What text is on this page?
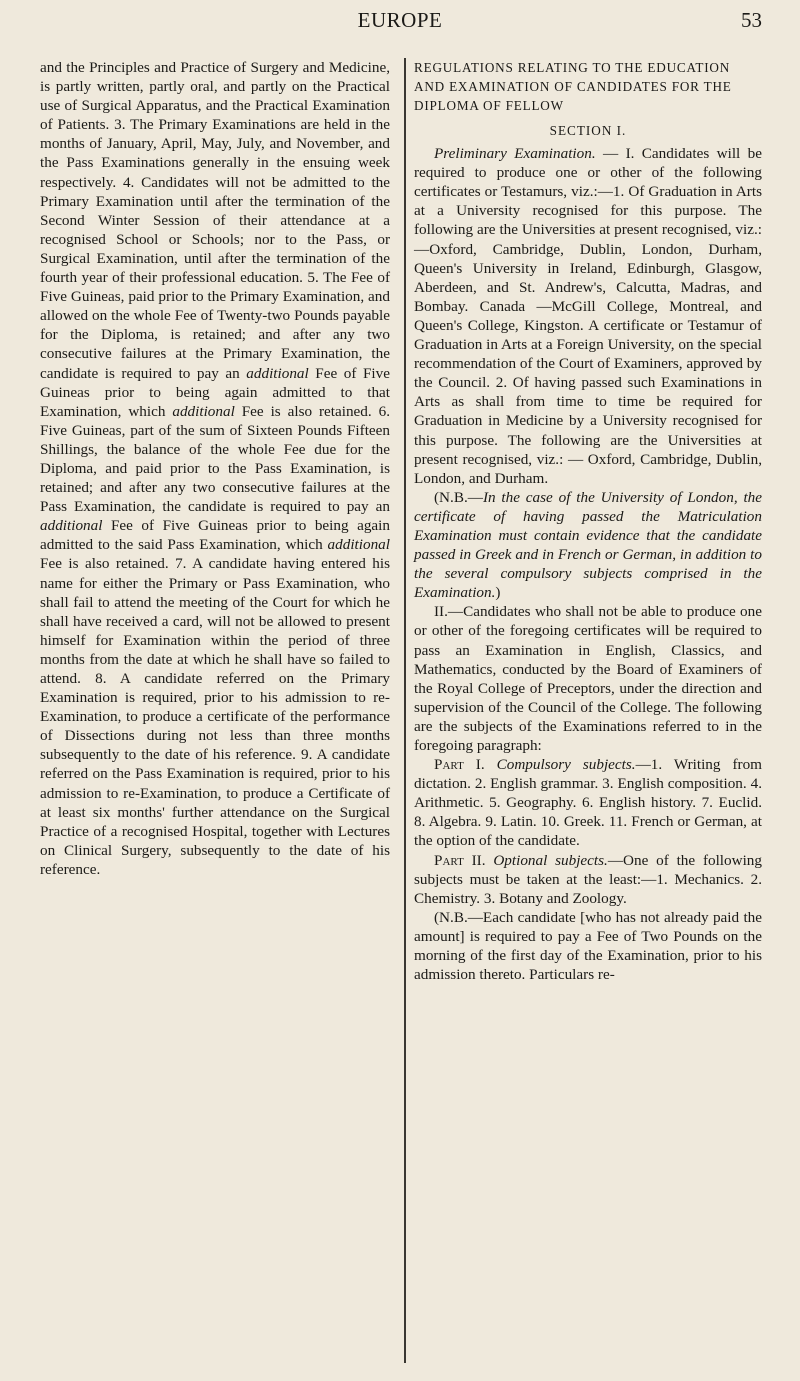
EUROPE	53

and the Principles and Practice of Surgery and Medicine, is partly written, partly oral, and partly on the Practical use of Surgical Apparatus, and the Practical Examination of Patients. 3. The Primary Examinations are held in the months of January, April, May, July, and November, and the Pass Examinations generally in the ensuing week respectively. 4. Candidates will not be admitted to the Primary Examination until after the termination of the Second Winter Session of their attendance at a recognised School or Schools; nor to the Pass, or Surgical Examination, until after the termination of the fourth year of their professional education. 5. The Fee of Five Guineas, paid prior to the Primary Examination, and allowed on the whole Fee of Twenty-two Pounds payable for the Diploma, is retained; and after any two consecutive failures at the Primary Examination, the candidate is required to pay an additional Fee of Five Guineas prior to being again admitted to that Examination, which additional Fee is also retained. 6. Five Guineas, part of the sum of Sixteen Pounds Fifteen Shillings, the balance of the whole Fee due for the Diploma, and paid prior to the Pass Examination, is retained; and after any two consecutive failures at the Pass Examination, the candidate is required to pay an additional Fee of Five Guineas prior to being again admitted to the said Pass Examination, which additional Fee is also retained. 7. A candidate having entered his name for either the Primary or Pass Examination, who shall fail to attend the meeting of the Court for which he shall have received a card, will not be allowed to present himself for Examination within the period of three months from the date at which he shall have so failed to attend. 8. A candidate referred on the Primary Examination is required, prior to his admission to re-Examination, to produce a certificate of the performance of Dissections during not less than three months subsequently to the date of his reference. 9. A candidate referred on the Pass Examination is required, prior to his admission to re-Examination, to produce a Certificate of at least six months' further attendance on the Surgical Practice of a recognised Hospital, together with Lectures on Clinical Surgery, subsequently to the date of his reference.

REGULATIONS RELATING TO THE EDUCATION AND EXAMINATION OF CANDIDATES FOR THE DIPLOMA OF FELLOW

SECTION I.

Preliminary Examination. — I. Candidates will be required to produce one or other of the following certificates or Testamurs, viz.:—1. Of Graduation in Arts at a University recognised for this purpose. The following are the Universities at present recognised, viz.:—Oxford, Cambridge, Dublin, London, Durham, Queen's University in Ireland, Edinburgh, Glasgow, Aberdeen, and St. Andrew's, Calcutta, Madras, and Bombay. Canada —McGill College, Montreal, and Queen's College, Kingston. A certificate or Testamur of Graduation in Arts at a Foreign University, on the special recommendation of the Court of Examiners, approved by the Council. 2. Of having passed such Examinations in Arts as shall from time to time be required for Graduation in Medicine by a University recognised for this purpose. The following are the Universities at present recognised, viz.: — Oxford, Cambridge, Dublin, London, and Durham.

(N.B.—In the case of the University of London, the certificate of having passed the Matriculation Examination must contain evidence that the candidate passed in Greek and in French or German, in addition to the several compulsory subjects comprised in the Examination.)

II.—Candidates who shall not be able to produce one or other of the foregoing certificates will be required to pass an Examination in English, Classics, and Mathematics, conducted by the Board of Examiners of the Royal College of Preceptors, under the direction and supervision of the Council of the College. The following are the subjects of the Examinations referred to in the foregoing paragraph:

Part I. Compulsory subjects.—1. Writing from dictation. 2. English grammar. 3. English composition. 4. Arithmetic. 5. Geography. 6. English history. 7. Euclid. 8. Algebra. 9. Latin. 10. Greek. 11. French or German, at the option of the candidate.

Part II. Optional subjects.—One of the following subjects must be taken at the least:—1. Mechanics. 2. Chemistry. 3. Botany and Zoology.

(N.B.—Each candidate [who has not already paid the amount] is required to pay a Fee of Two Pounds on the morning of the first day of the Examination, prior to his admission thereto. Particulars re-
